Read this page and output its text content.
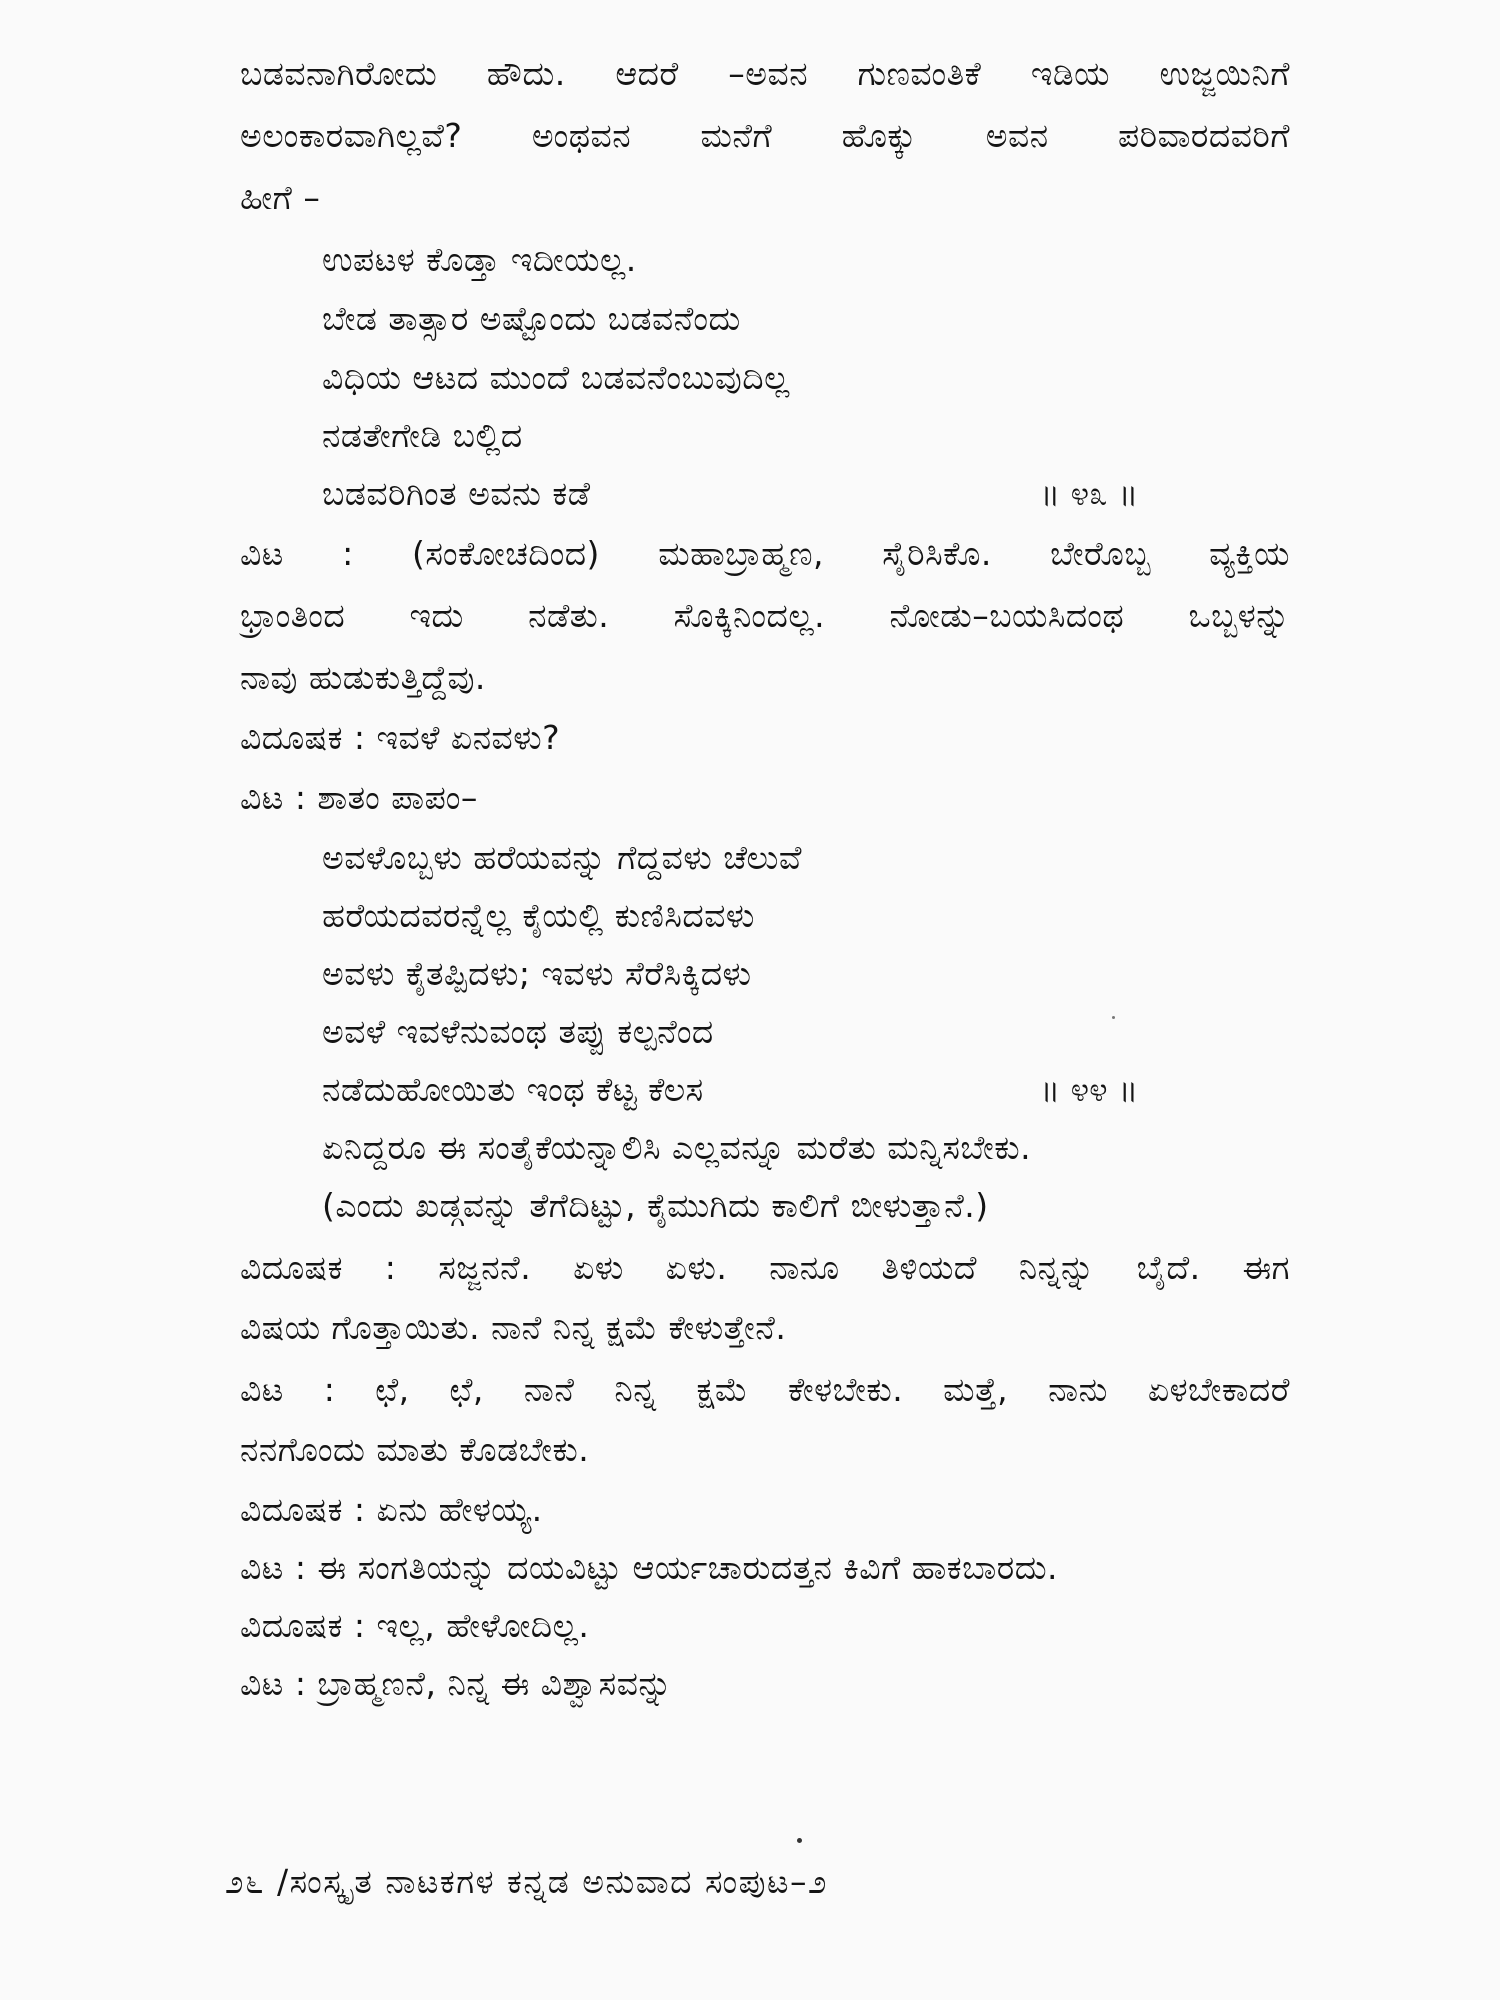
ಬಡವನಾಗಿರೋದು ಹೌದು. ಆದರೆ –ಅವನ ಗುಣವಂತಿಕೆ ಇಡಿಯ ಉಜ್ಜಯಿನಿಗೆ
ಅಲಂಕಾರವಾಗಿಲ್ಲವೆ? ಅಂಥವನ ಮನೆಗೆ ಹೊಕ್ಕು ಅವನ ಪರಿವಾರದವರಿಗೆ
ಹೀಗೆ –
ಉಪಟಳ ಕೊಡ್ತಾ ಇದೀಯಲ್ಲ.
ಬೇಡ ತಾತ್ಸಾರ ಅಷ್ಟೊಂದು ಬಡವನೆಂದು
ವಿಧಿಯ ಆಟದ ಮುಂದೆ ಬಡವನೆಂಬುವುದಿಲ್ಲ
ನಡತೇಗೇಡಿ ಬಲ್ಲಿದ
ಬಡವರಿಗಿಂತ ಅವನು ಕಡೆ	॥ ೪೩ ॥
ವಿಟ : (ಸಂಕೋಚದಿಂದ) ಮಹಾಬ್ರಾಹ್ಮಣ, ಸೈರಿಸಿಕೊ. ಬೇರೊಬ್ಬ ವ್ಯಕ್ತಿಯ
ಭ್ರಾಂತಿಂದ ಇದು ನಡೆತು. ಸೊಕ್ಕಿನಿಂದಲ್ಲ. ನೋಡು–ಬಯಸಿದಂಥ ಒಬ್ಬಳನ್ನು
ನಾವು ಹುಡುಕುತ್ತಿದ್ದೆವು.
ವಿದೂಷಕ : ಇವಳೆ ಏನವಳು?
ವಿಟ : ಶಾತಂ ಪಾಪಂ–
ಅವಳೊಬ್ಬಳು ಹರೆಯವನ್ನು ಗೆದ್ದವಳು ಚೆಲುವೆ
ಹರೆಯದವರನ್ನೆಲ್ಲ ಕೈಯಲ್ಲಿ ಕುಣಿಸಿದವಳು
ಅವಳು ಕೈತಪ್ಪಿದಳು; ಇವಳು ಸೆರೆಸಿಕ್ಕಿದಳು
ಅವಳೆ ಇವಳೆನುವಂಥ ತಪ್ಪು ಕಲ್ಪನೆಂದ
ನಡೆದುಹೋಯಿತು ಇಂಥ ಕೆಟ್ಟ ಕೆಲಸ	॥ ೪೪ ॥
ಏನಿದ್ದರೂ ಈ ಸಂತೈಕೆಯನ್ನಾಲಿಸಿ ಎಲ್ಲವನ್ನೂ ಮರೆತು ಮನ್ನಿಸಬೇಕು.
(ಎಂದು ಖಡ್ಗವನ್ನು ತೆಗೆದಿಟ್ಟು, ಕೈಮುಗಿದು ಕಾಲಿಗೆ ಬೀಳುತ್ತಾನೆ.)
ವಿದೂಷಕ : ಸಜ್ಜನನೆ. ಏಳು ಏಳು. ನಾನೂ ತಿಳಿಯದೆ ನಿನ್ನನ್ನು ಬೈದೆ. ಈಗ
ವಿಷಯ ಗೊತ್ತಾಯಿತು. ನಾನೆ ನಿನ್ನ ಕ್ಷಮೆ ಕೇಳುತ್ತೇನೆ.
ವಿಟ : ಛೆ, ಛೆ, ನಾನೆ ನಿನ್ನ ಕ್ಷಮೆ ಕೇಳಬೇಕು. ಮತ್ತೆ, ನಾನು ಏಳಬೇಕಾದರೆ
ನನಗೊಂದು ಮಾತು ಕೊಡಬೇಕು.
ವಿದೂಷಕ : ಏನು ಹೇಳಯ್ಯ.
ವಿಟ : ಈ ಸಂಗತಿಯನ್ನು ದಯವಿಟ್ಟು ಆರ್ಯಚಾರುದತ್ತನ ಕಿವಿಗೆ ಹಾಕಬಾರದು.
ವಿದೂಷಕ : ಇಲ್ಲ, ಹೇಳೋದಿಲ್ಲ.
ವಿಟ : ಬ್ರಾಹ್ಮಣನೆ, ನಿನ್ನ ಈ ವಿಶ್ವಾಸವನ್ನು
೨೬ /ಸಂಸ್ಕೃತ ನಾಟಕಗಳ ಕನ್ನಡ ಅನುವಾದ ಸಂಪುಟ–೨
